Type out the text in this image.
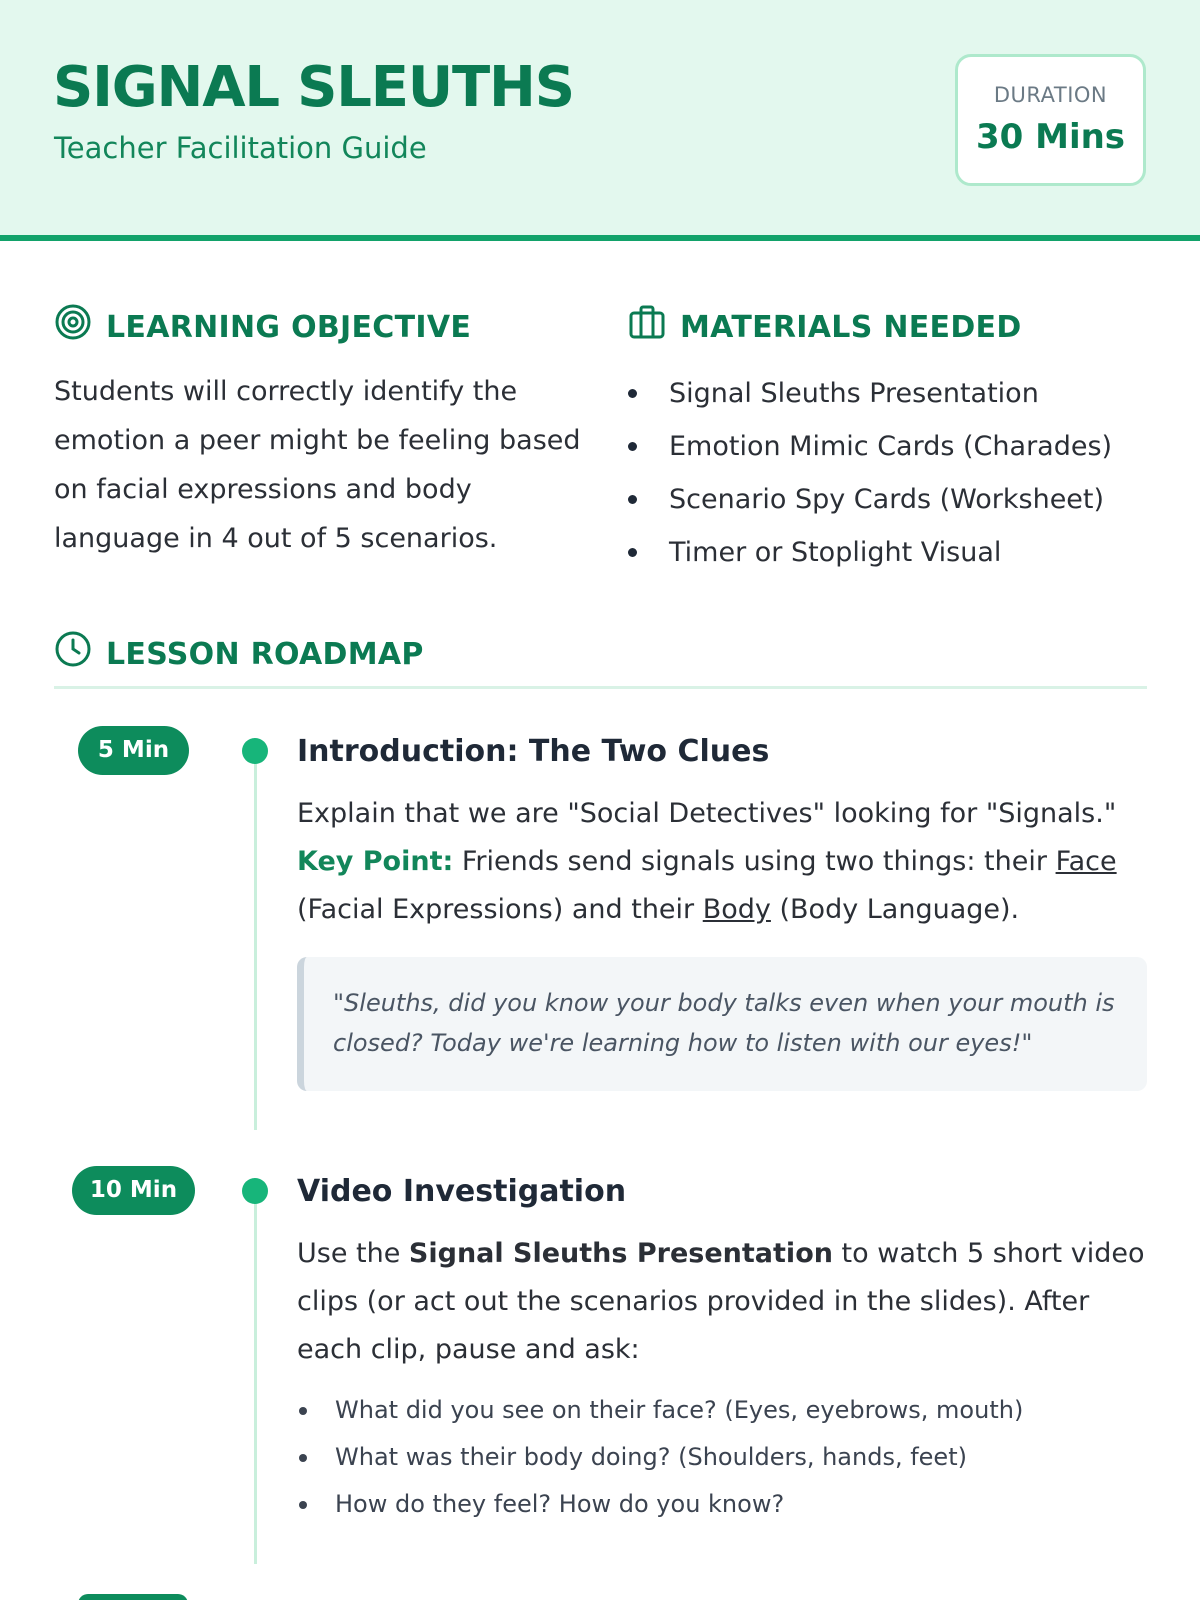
SIGNAL SLEUTHS
Teacher Facilitation Guide
DURATION
30 Mins
LEARNING OBJECTIVE
Students will correctly identify the emotion a peer might be feeling based on facial expressions and body language in 4 out of 5 scenarios.
MATERIALS NEEDED
Signal Sleuths Presentation
Emotion Mimic Cards (Charades)
Scenario Spy Cards (Worksheet)
Timer or Stoplight Visual
LESSON ROADMAP
5 Min	Introduction: The Two Clues
Explain that we are "Social Detectives" looking for "Signals."
Key Point: Friends send signals using two things: their Face (Facial Expressions) and their Body (Body Language).
"Sleuths, did you know your body talks even when your mouth is closed? Today we're learning how to listen with our eyes!"
10 Min	Video Investigation
Use the Signal Sleuths Presentation to watch 5 short video clips (or act out the scenarios provided in the slides). After each clip, pause and ask:
What did you see on their face? (Eyes, eyebrows, mouth)
What was their body doing? (Shoulders, hands, feet)
How do they feel? How do you know?
